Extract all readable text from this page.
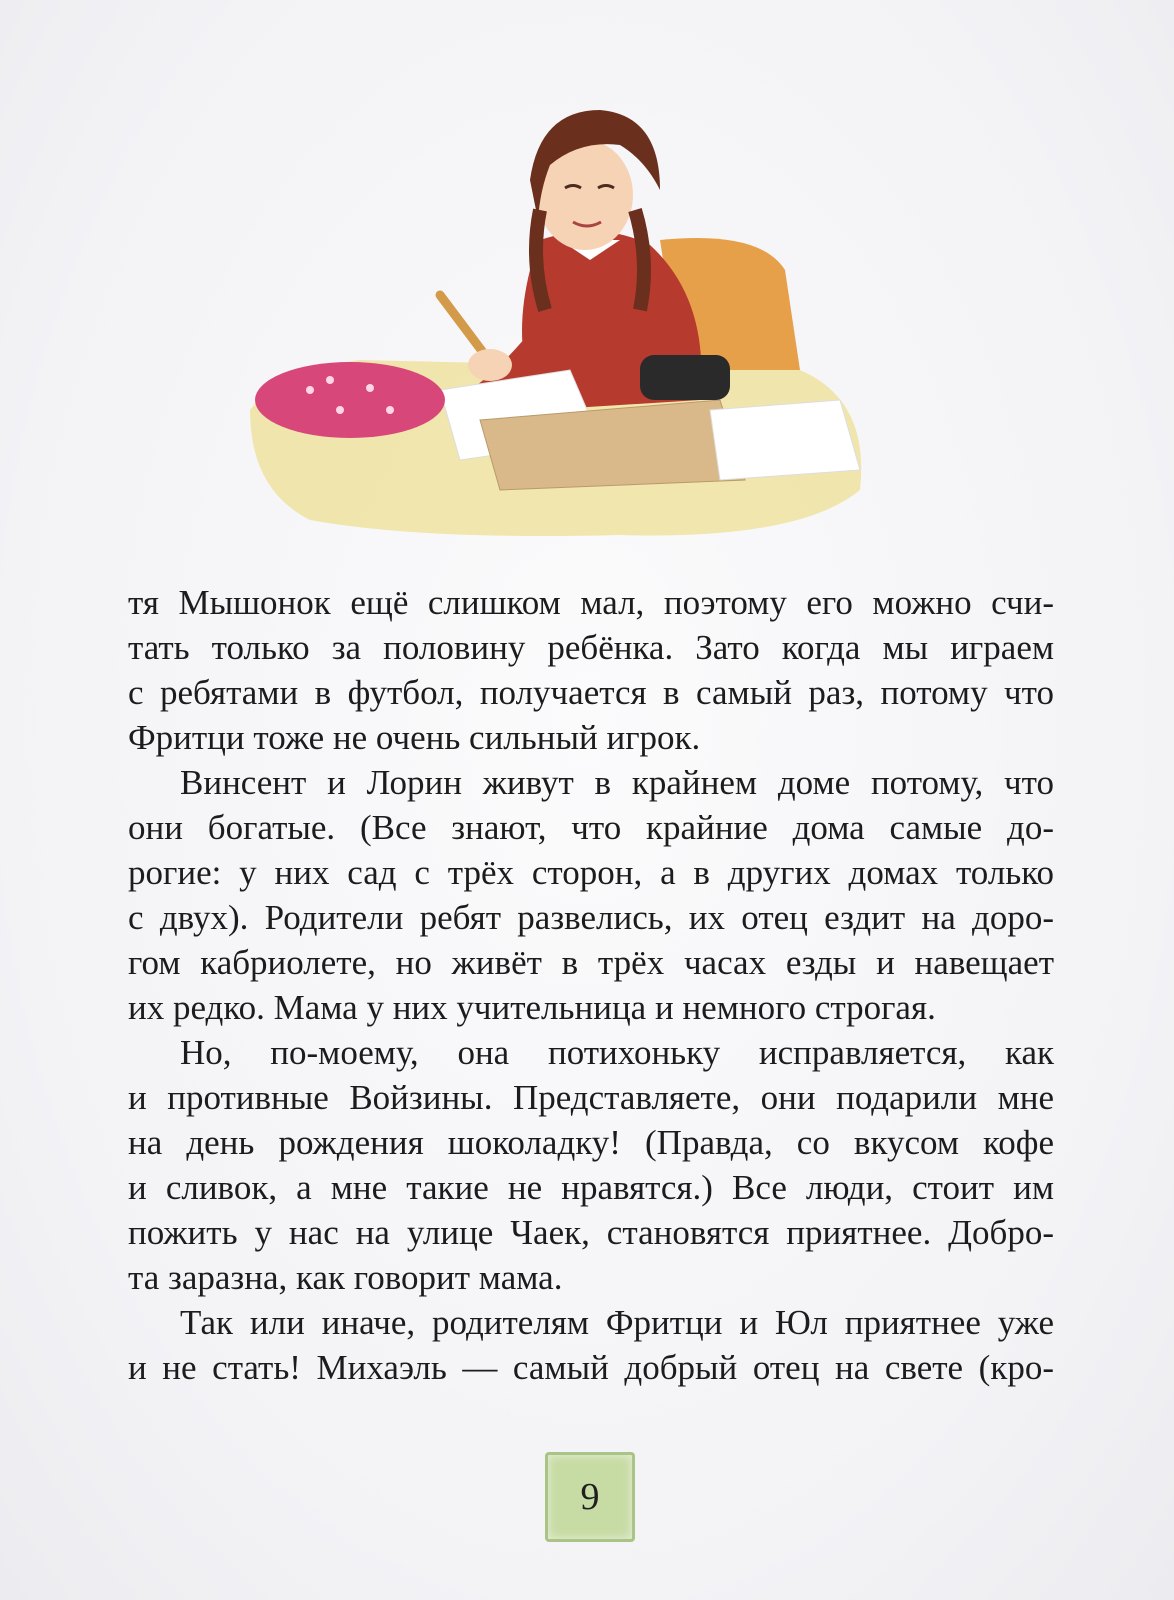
тя Мышонок ещё слишком мал, поэтому его можно счи-
тать только за половину ребёнка. Зато когда мы играем
с ребятами в футбол, получается в самый раз, потому что
Фритци тоже не очень сильный игрок.
Винсент и Лорин живут в крайнем доме потому, что
они богатые. (Все знают, что крайние дома самые до-
рогие: у них сад с трёх сторон, а в других домах только
с двух). Родители ребят развелись, их отец ездит на доро-
гом кабриолете, но живёт в трёх часах езды и навещает
их редко. Мама у них учительница и немного строгая.
Но, по-моему, она потихоньку исправляется, как
и противные Войзины. Представляете, они подарили мне
на день рождения шоколадку! (Правда, со вкусом кофе
и сливок, а мне такие не нравятся.) Все люди, стоит им
пожить у нас на улице Чаек, становятся приятнее. Добро-
та заразна, как говорит мама.
Так или иначе, родителям Фритци и Юл приятнее уже
и не стать! Михаэль — самый добрый отец на свете (кро-
9
